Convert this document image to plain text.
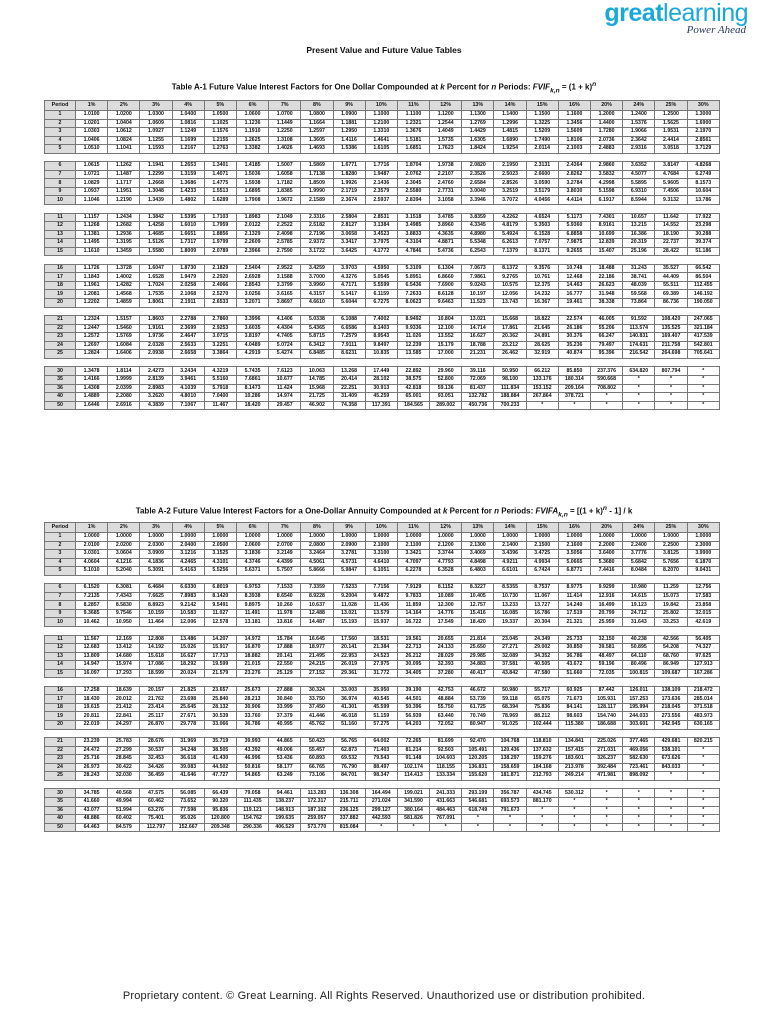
greatlearning
Power Ahead
Present Value and Future Value Tables
Table A-1 Future Value Interest Factors for One Dollar Compounded at k Percent for n Periods: $FVIF_{k,n} = (1 + k)^n$
Period	1%	2%	3%	4%	5%	6%	7%	8%	9%	10%	11%	12%	13%	14%	15%	16%	20%	24%	25%	30%
1	1.0100	1.0200	1.0300	1.0400	1.0500	1.0600	1.0700	1.0800	1.0900	1.1000	1.1100	1.1200	1.1300	1.1400	1.1500	1.1600	1.2000	1.2400	1.2500	1.3000
2	1.0201	1.0404	1.0609	1.0816	1.1025	1.1236	1.1449	1.1664	1.1881	1.2100	1.2321	1.2544	1.2769	1.2996	1.3225	1.3456	1.4400	1.5376	1.5625	1.6900
3	1.0303	1.0612	1.0927	1.1249	1.1576	1.1910	1.2250	1.2597	1.2950	1.3310	1.3676	1.4049	1.4429	1.4815	1.5209	1.5609	1.7280	1.9066	1.9531	2.1970
4	1.0406	1.0824	1.1255	1.1699	1.2155	1.2625	1.3108	1.3605	1.4116	1.4641	1.5181	1.5735	1.6305	1.6890	1.7490	1.8106	2.0736	2.3642	2.4414	2.8561
5	1.0510	1.1041	1.1593	1.2167	1.2763	1.3382	1.4026	1.4693	1.5386	1.6105	1.6851	1.7623	1.8424	1.9254	2.0114	2.1003	2.4883	2.9316	3.0518	3.7129

6	1.0615	1.1262	1.1941	1.2653	1.3401	1.4185	1.5007	1.5869	1.6771	1.7716	1.8704	1.9738	2.0820	2.1950	2.3131	2.4364	2.9860	3.6352	3.8147	4.8268
7	1.0721	1.1487	1.2299	1.3159	1.4071	1.5036	1.6058	1.7138	1.8280	1.9487	2.0762	2.2107	2.3526	2.5023	2.6600	2.8262	3.5832	4.5077	4.7684	6.2749
8	1.0829	1.1717	1.2668	1.3686	1.4775	1.5938	1.7182	1.8509	1.9926	2.1436	2.3045	2.4760	2.6584	2.8526	3.0590	3.2784	4.2998	5.5895	5.9605	8.1573
9	1.0937	1.1951	1.3048	1.4233	1.5513	1.6895	1.8385	1.9990	2.1719	2.3579	2.5580	2.7731	3.0040	3.2519	3.5179	3.8030	5.1598	6.9310	7.4506	10.604
10	1.1046	1.2190	1.3439	1.4802	1.6289	1.7908	1.9672	2.1589	2.3674	2.5937	2.8394	3.1058	3.3946	3.7072	4.0456	4.4114	6.1917	8.5944	9.3132	13.786

11	1.1157	1.2434	1.3842	1.5395	1.7103	1.8983	2.1049	2.3316	2.5804	2.8531	3.1518	3.4785	3.8359	4.2262	4.6524	5.1173	7.4301	10.657	11.642	17.922
12	1.1268	1.2682	1.4258	1.6010	1.7959	2.0122	2.2522	2.5182	2.8127	3.1384	3.4985	3.8960	4.3345	4.8179	5.3503	5.9360	8.9161	13.215	14.552	23.298
13	1.1381	1.2936	1.4685	1.6651	1.8856	2.1329	2.4098	2.7196	3.0658	3.4523	3.8833	4.3635	4.8980	5.4924	6.1528	6.8858	10.699	16.386	18.190	30.288
14	1.1495	1.3195	1.5126	1.7317	1.9799	2.2609	2.5785	2.9372	3.3417	3.7975	4.3104	4.8871	5.5348	6.2613	7.0757	7.9875	12.839	20.319	22.737	39.374
15	1.1610	1.3459	1.5580	1.8009	2.0789	2.3966	2.7590	3.1722	3.6425	4.1772	4.7846	5.4736	6.2543	7.1379	8.1371	9.2655	15.407	25.196	28.422	51.186

16	1.1726	1.3728	1.6047	1.8730	2.1829	2.5404	2.9522	3.4259	3.9703	4.5950	5.3109	6.1304	7.0673	8.1372	9.3576	10.748	18.488	31.243	35.527	66.542
17	1.1843	1.4002	1.6528	1.9479	2.2920	2.6928	3.1588	3.7000	4.3276	5.0545	5.8951	6.8660	7.9861	9.2765	10.761	12.468	22.186	38.741	44.409	86.504
18	1.1961	1.4282	1.7024	2.0258	2.4066	2.8543	3.3799	3.9960	4.7171	5.5599	6.5436	7.6900	9.0243	10.575	12.375	14.463	26.623	48.039	55.511	112.455
19	1.2081	1.4568	1.7535	2.1068	2.5270	3.0256	3.6165	4.3157	5.1417	6.1159	7.2633	8.6128	10.197	12.056	14.232	16.777	31.948	59.568	69.389	146.192
20	1.2202	1.4859	1.8061	2.1911	2.6533	3.2071	3.8697	4.6610	5.6044	6.7275	8.0623	9.6463	11.523	13.743	16.367	19.461	38.338	73.864	86.736	190.050

21	1.2324	1.5157	1.8603	2.2788	2.7860	3.3996	4.1406	5.0338	6.1088	7.4002	8.9492	10.804	13.021	15.668	18.822	22.574	46.005	91.592	108.420	247.065
22	1.2447	1.5460	1.9161	2.3699	2.9253	3.6035	4.4304	5.4365	6.6586	8.1403	9.9336	12.100	14.714	17.861	21.645	26.186	55.206	113.574	135.525	321.184
23	1.2572	1.5769	1.9736	2.4647	3.0715	3.8197	4.7405	5.8715	7.2579	8.9543	11.026	13.552	16.627	20.362	24.891	30.376	66.247	140.831	169.407	417.539
24	1.2697	1.6084	2.0328	2.5633	3.2251	4.0489	5.0724	6.3412	7.9111	9.8497	12.239	15.179	18.788	23.212	28.625	35.236	79.497	174.631	211.758	542.801
25	1.2824	1.6406	2.0938	2.6658	3.3864	4.2919	5.4274	6.8485	8.6231	10.835	13.585	17.000	21.231	26.462	32.919	40.874	95.396	216.542	264.698	705.641

30	1.3478	1.8114	2.4273	3.2434	4.3219	5.7435	7.6123	10.063	13.268	17.449	22.892	29.960	39.116	50.950	66.212	85.850	237.376	634.820	807.794	*
35	1.4166	1.9999	2.8139	3.9461	5.5160	7.6861	10.677	14.785	20.414	28.102	38.575	52.800	72.069	98.100	133.176	180.314	590.668	*	*	*
36	1.4308	2.0399	2.8983	4.1039	5.7918	8.1473	11.424	15.968	22.251	30.913	42.818	59.136	81.437	111.834	153.152	209.164	708.802	*	*	*
40	1.4889	2.2080	3.2620	4.8010	7.0400	10.286	14.974	21.725	31.409	45.259	65.001	93.051	132.782	188.884	267.864	378.721	*	*	*	*
50	1.6446	2.6916	4.3839	7.1067	11.467	18.420	29.457	46.902	74.358	117.391	184.565	289.002	450.736	700.233	*	*	*	*	*	*
Table A-2 Future Value Interest Factors for a One-Dollar Annuity Compounded at k Percent for n Periods: $FVIFA_{k,n} = [(1 + k)^n - 1] / k$
Period	1%	2%	3%	4%	5%	6%	7%	8%	9%	10%	11%	12%	13%	14%	15%	16%	20%	24%	25%	30%
1	1.0000	1.0000	1.0000	1.0000	1.0000	1.0000	1.0000	1.0000	1.0000	1.0000	1.0000	1.0000	1.0000	1.0000	1.0000	1.0000	1.0000	1.0000	1.0000	1.0000
2	2.0100	2.0200	2.0300	2.0400	2.0500	2.0600	2.0700	2.0800	2.0900	2.1000	2.1100	2.1200	2.1300	2.1400	2.1500	2.1600	2.2000	2.2400	2.2500	2.3000
3	3.0301	3.0604	3.0909	3.1216	3.1525	3.1836	3.2149	3.2464	3.2781	3.3100	3.3421	3.3744	3.4069	3.4396	3.4725	3.5056	3.6400	3.7776	3.8125	3.9900
4	4.0604	4.1216	4.1836	4.2465	4.3101	4.3746	4.4399	4.5061	4.5731	4.6410	4.7097	4.7793	4.8498	4.9211	4.9934	5.0665	5.3680	5.6842	5.7656	6.1870
5	5.1010	5.2040	5.3091	5.4163	5.5256	5.6371	5.7507	5.8666	5.9847	6.1051	6.2278	6.3528	6.4803	6.6101	6.7424	6.8771	7.4416	8.0484	8.2070	9.0431

6	6.1520	6.3081	6.4684	6.6330	6.8019	6.9753	7.1533	7.3359	7.5233	7.7156	7.9129	8.1152	8.3227	8.5355	8.7537	8.9775	9.9299	10.980	11.259	12.756
7	7.2135	7.4343	7.6625	7.8983	8.1420	8.3938	8.6540	8.9228	9.2004	9.4872	9.7833	10.089	10.405	10.730	11.067	11.414	12.916	14.615	15.073	17.583
8	8.2857	8.5830	8.8923	9.2142	9.5491	9.8975	10.260	10.637	11.028	11.436	11.859	12.300	12.757	13.233	13.727	14.240	16.499	19.123	19.842	23.858
9	9.3685	9.7546	10.159	10.583	11.027	11.491	11.978	12.488	13.021	13.579	14.164	14.776	15.416	16.085	16.786	17.519	20.799	24.712	25.802	32.015
10	10.462	10.950	11.464	12.006	12.578	13.181	13.816	14.487	15.193	15.937	16.722	17.549	18.420	19.337	20.304	21.321	25.959	31.643	33.253	42.619

11	11.567	12.169	12.808	13.486	14.207	14.972	15.784	16.645	17.560	18.531	19.561	20.655	21.814	23.045	24.349	25.733	32.150	40.238	42.566	56.405
12	12.683	13.412	14.192	15.026	15.917	16.870	17.888	18.977	20.141	21.384	22.713	24.133	25.650	27.271	29.002	30.850	39.581	50.895	54.208	74.327
13	13.809	14.680	15.618	16.627	17.713	18.882	20.141	21.495	22.953	24.523	26.212	28.029	29.985	32.089	34.352	36.786	48.497	64.110	68.760	97.625
14	14.947	15.974	17.086	18.292	19.599	21.015	22.550	24.215	26.019	27.975	30.095	32.393	34.883	37.581	40.505	43.672	59.196	80.496	86.949	127.913
15	16.097	17.293	18.599	20.024	21.579	23.276	25.129	27.152	29.361	31.772	34.405	37.280	40.417	43.842	47.580	51.660	72.035	100.815	109.687	167.286

16	17.258	18.639	20.157	21.825	23.657	25.673	27.888	30.324	33.003	35.950	39.190	42.753	46.672	50.980	55.717	60.925	87.442	126.011	138.109	218.472
17	18.430	20.012	21.762	23.698	25.840	28.213	30.840	33.750	36.974	40.545	44.501	48.884	53.739	59.118	65.075	71.673	105.931	157.253	173.636	285.014
18	19.615	21.412	23.414	25.645	28.132	30.906	33.999	37.450	41.301	45.599	50.396	55.750	61.725	68.394	75.836	84.141	128.117	195.994	218.045	371.518
19	20.811	22.841	25.117	27.671	30.539	33.760	37.379	41.446	46.018	51.159	56.939	63.440	70.749	78.969	88.212	98.603	154.740	244.033	273.556	483.973
20	22.019	24.297	26.870	29.778	33.066	36.786	40.995	45.762	51.160	57.275	64.203	72.052	80.947	91.025	102.444	115.380	186.688	303.601	342.945	630.165

21	23.239	25.783	28.676	31.969	35.719	39.993	44.865	50.423	56.765	64.002	72.265	81.699	92.470	104.768	118.810	134.841	225.026	377.465	429.681	820.215
22	24.472	27.299	30.537	34.248	38.505	43.392	49.006	55.457	62.873	71.403	81.214	92.503	105.491	120.436	137.632	157.415	271.031	469.056	538.101	*
23	25.716	28.845	32.453	36.618	41.430	46.996	53.436	60.893	69.532	79.543	91.148	104.603	120.205	138.297	159.276	183.601	326.237	582.630	673.626	*
24	26.973	30.422	34.426	39.083	44.502	50.816	58.177	66.765	76.790	88.497	102.174	118.155	136.831	158.659	184.168	213.978	392.484	723.461	843.033	*
25	28.243	32.030	36.459	41.646	47.727	54.865	63.249	73.106	84.701	98.347	114.413	133.334	155.620	181.871	212.793	249.214	471.981	898.092	*	*

30	34.785	40.568	47.575	56.085	66.439	79.058	94.461	113.283	136.308	164.494	199.021	241.333	293.199	356.787	434.745	530.312	*	*	*	*
35	41.660	49.994	60.462	73.652	90.320	111.435	138.237	172.317	215.711	271.024	341.590	431.663	546.681	693.573	881.170	*	*	*	*	*
36	43.077	51.994	63.276	77.598	95.836	119.121	148.913	187.102	236.125	299.127	380.164	484.463	618.749	791.673	*	*	*	*	*	*
40	48.886	60.402	75.401	95.026	120.800	154.762	199.635	259.057	337.882	442.593	581.826	767.091	*	*	*	*	*	*	*	*
50	64.463	84.579	112.797	152.667	209.348	290.336	406.529	573.770	815.084	*	*	*	*	*	*	*	*	*	*	*
Proprietary content. © Great Learning. All Rights Reserved. Unauthorized use or distribution prohibited.
